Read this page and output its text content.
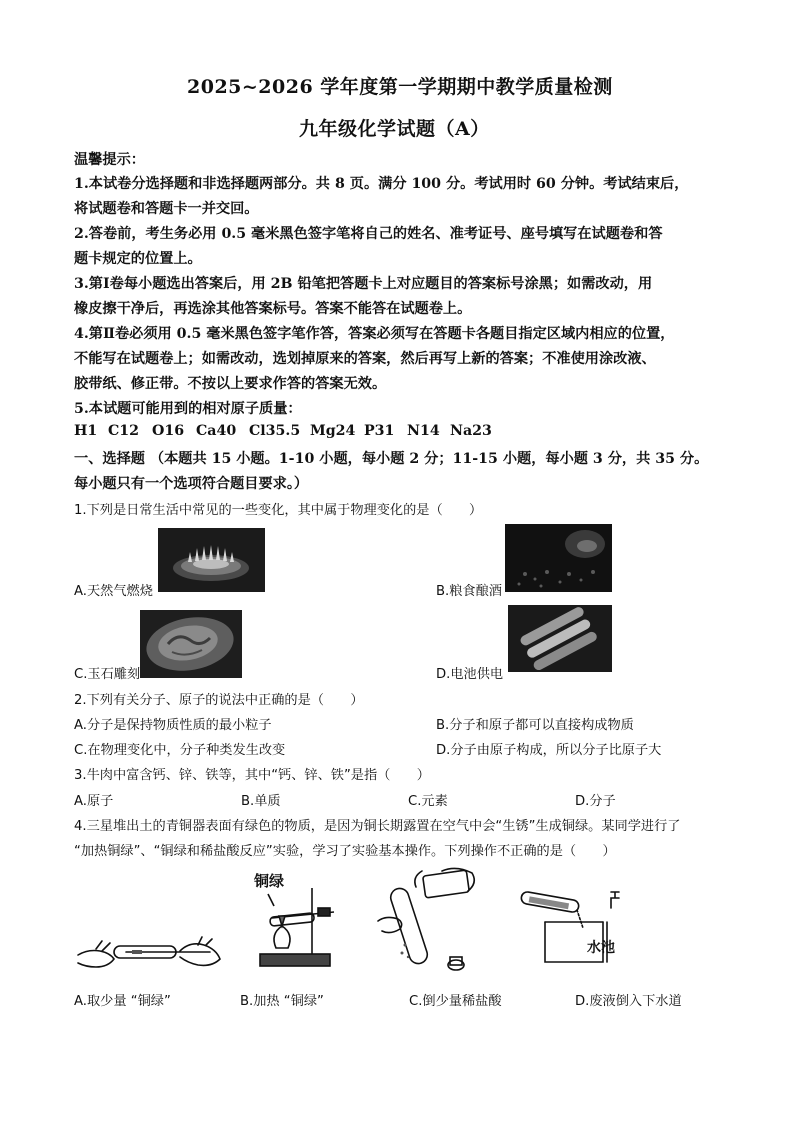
2025~2026 学年度第一学期期中教学质量检测
九年级化学试题（A）
温馨提示：
1.本试卷分选择题和非选择题两部分。共 8 页。满分 100 分。考试用时 60 分钟。考试结束后，
将试题卷和答题卡一并交回。
2.答卷前，考生务必用 0.5 毫米黑色签字笔将自己的姓名、准考证号、座号填写在试题卷和答
题卡规定的位置上。
3.第Ⅰ卷每小题选出答案后，用 2B 铅笔把答题卡上对应题目的答案标号涂黑；如需改动，用
橡皮擦干净后，再选涂其他答案标号。答案不能答在试题卷上。
4.第Ⅱ卷必须用 0.5 毫米黑色签字笔作答，答案必须写在答题卡各题目指定区域内相应的位置，
不能写在试题卷上；如需改动，选划掉原来的答案，然后再写上新的答案；不准使用涂改液、
胶带纸、修正带。不按以上要求作答的答案无效。
5.本试题可能用到的相对原子质量：
H1 C12 O16 Ca40 Cl35.5 Mg24 P31 N14 Na23
一、选择题 （本题共 15 小题。1-10 小题，每小题 2 分；11-15 小题，每小题 3 分，共 35 分。
每小题只有一个选项符合题目要求。）
1.下列是日常生活中常见的一些变化，其中属于物理变化的是（　　）
A.天然气燃烧	B.粮食酿酒
C.玉石雕刻	D.电池供电
2.下列有关分子、原子的说法中正确的是（　　）
A.分子是保持物质性质的最小粒子	B.分子和原子都可以直接构成物质
C.在物理变化中，分子种类发生改变	D.分子由原子构成，所以分子比原子大
3.牛肉中富含钙、锌、铁等，其中“钙、锌、铁”是指（　　）
A.原子	B.单质	C.元素	D.分子
4.三星堆出土的青铜器表面有绿色的物质，是因为铜长期露置在空气中会“生锈”生成铜绿。某同学进行了
“加热铜绿”、“铜绿和稀盐酸反应”实验，学习了实验基本操作。下列操作不正确的是（　　）
A.取少量 “铜绿”
铜绿
B.加热 “铜绿”	C.倒少量稀盐酸
水池
D.废液倒入下水道
